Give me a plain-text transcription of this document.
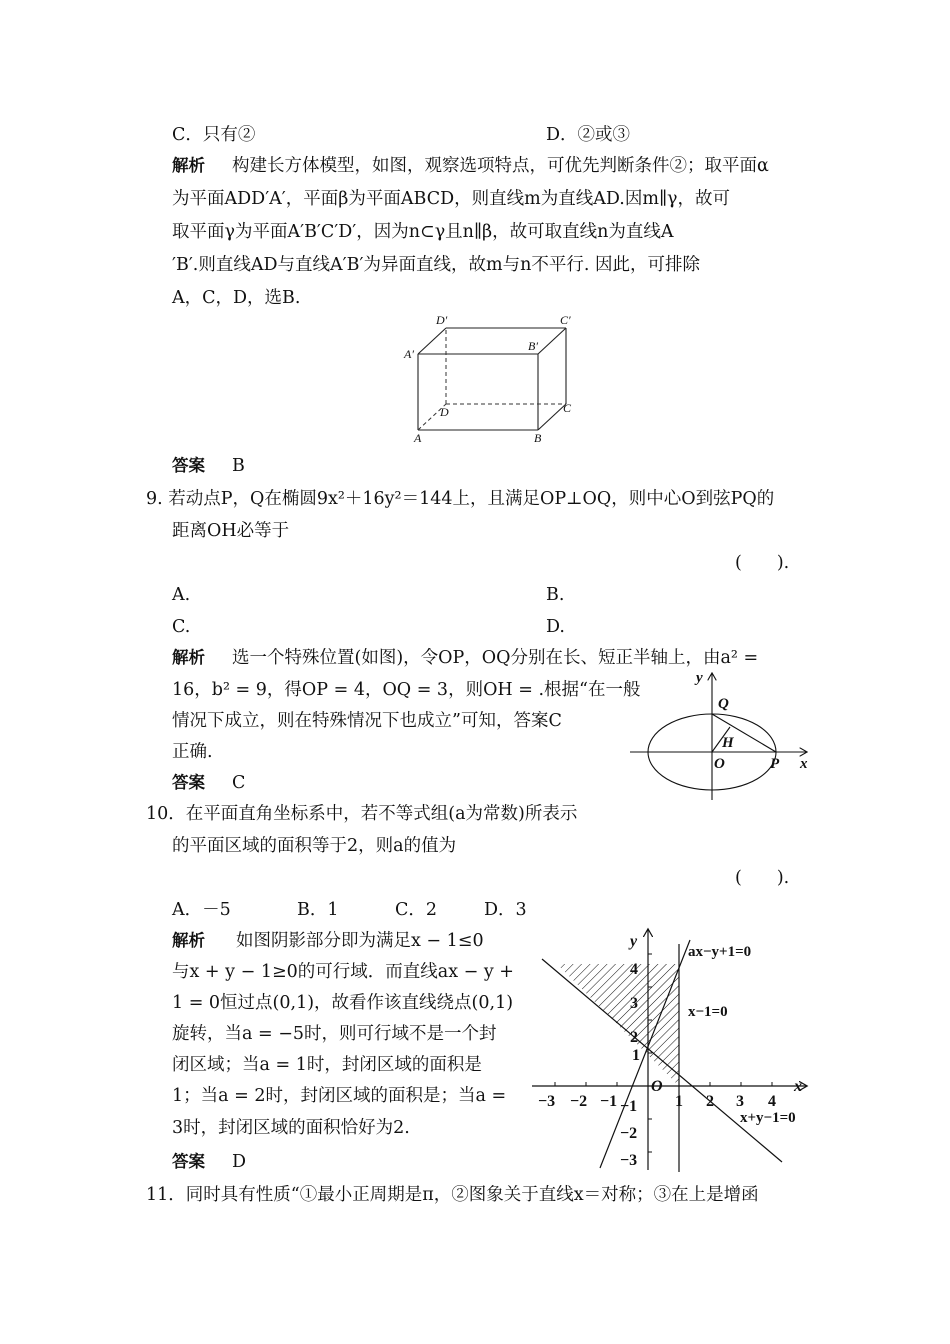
C．只有②	D．②或③
解析 构建长方体模型，如图，观察选项特点，可优先判断条件②；取平面α
为平面ADD′A′，平面β为平面ABCD，则直线m为直线AD.因m∥γ，故可
取平面γ为平面A′B′C′D′，因为n⊂γ且n∥β，故可取直线n为直线A
′B′.则直线AD与直线A′B′为异面直线，故m与n不平行. 因此，可排除
A，C，D，选B.
D′	C′
A′
B′
D	C
A	B
答案 B
9. 若动点P，Q在椭圆9x²＋16y²＝144上，且满足OP⊥OQ，则中心O到弦PQ的
距离OH必等于
(　　).
A.	B.
C.	D.
解析 选一个特殊位置(如图)，令OP，OQ分别在长、短正半轴上，由a² =
16，b² = 9，得OP = 4，OQ = 3，则OH = .根据“在一般
情况下成立，则在特殊情况下也成立”可知，答案C
正确.
y
Q
H
O	P x
答案 C
10．在平面直角坐标系中，若不等式组(a为常数)所表示
的平面区域的面积等于2，则a的值为
(　　).
A．－5	B．1	C．2	D．3
解析 如图阴影部分即为满足x − 1≤0
与x + y − 1≥0的可行域．而直线ax − y +
1 = 0恒过点(0,1)，故看作该直线绕点(0,1)
旋转，当a = −5时，则可行域不是一个封
闭区域；当a = 1时，封闭区域的面积是
1；当a = 2时，封闭区域的面积是；当a =
3时，封闭区域的面积恰好为2.
−3 −2 −1	1 2 3 4
4
3
2
1
−1
−2
−3
O	x
y
ax−y+1=0
x−1=0
x+y−1=0
答案 D
11．同时具有性质“①最小正周期是π，②图象关于直线x＝对称；③在上是增函
